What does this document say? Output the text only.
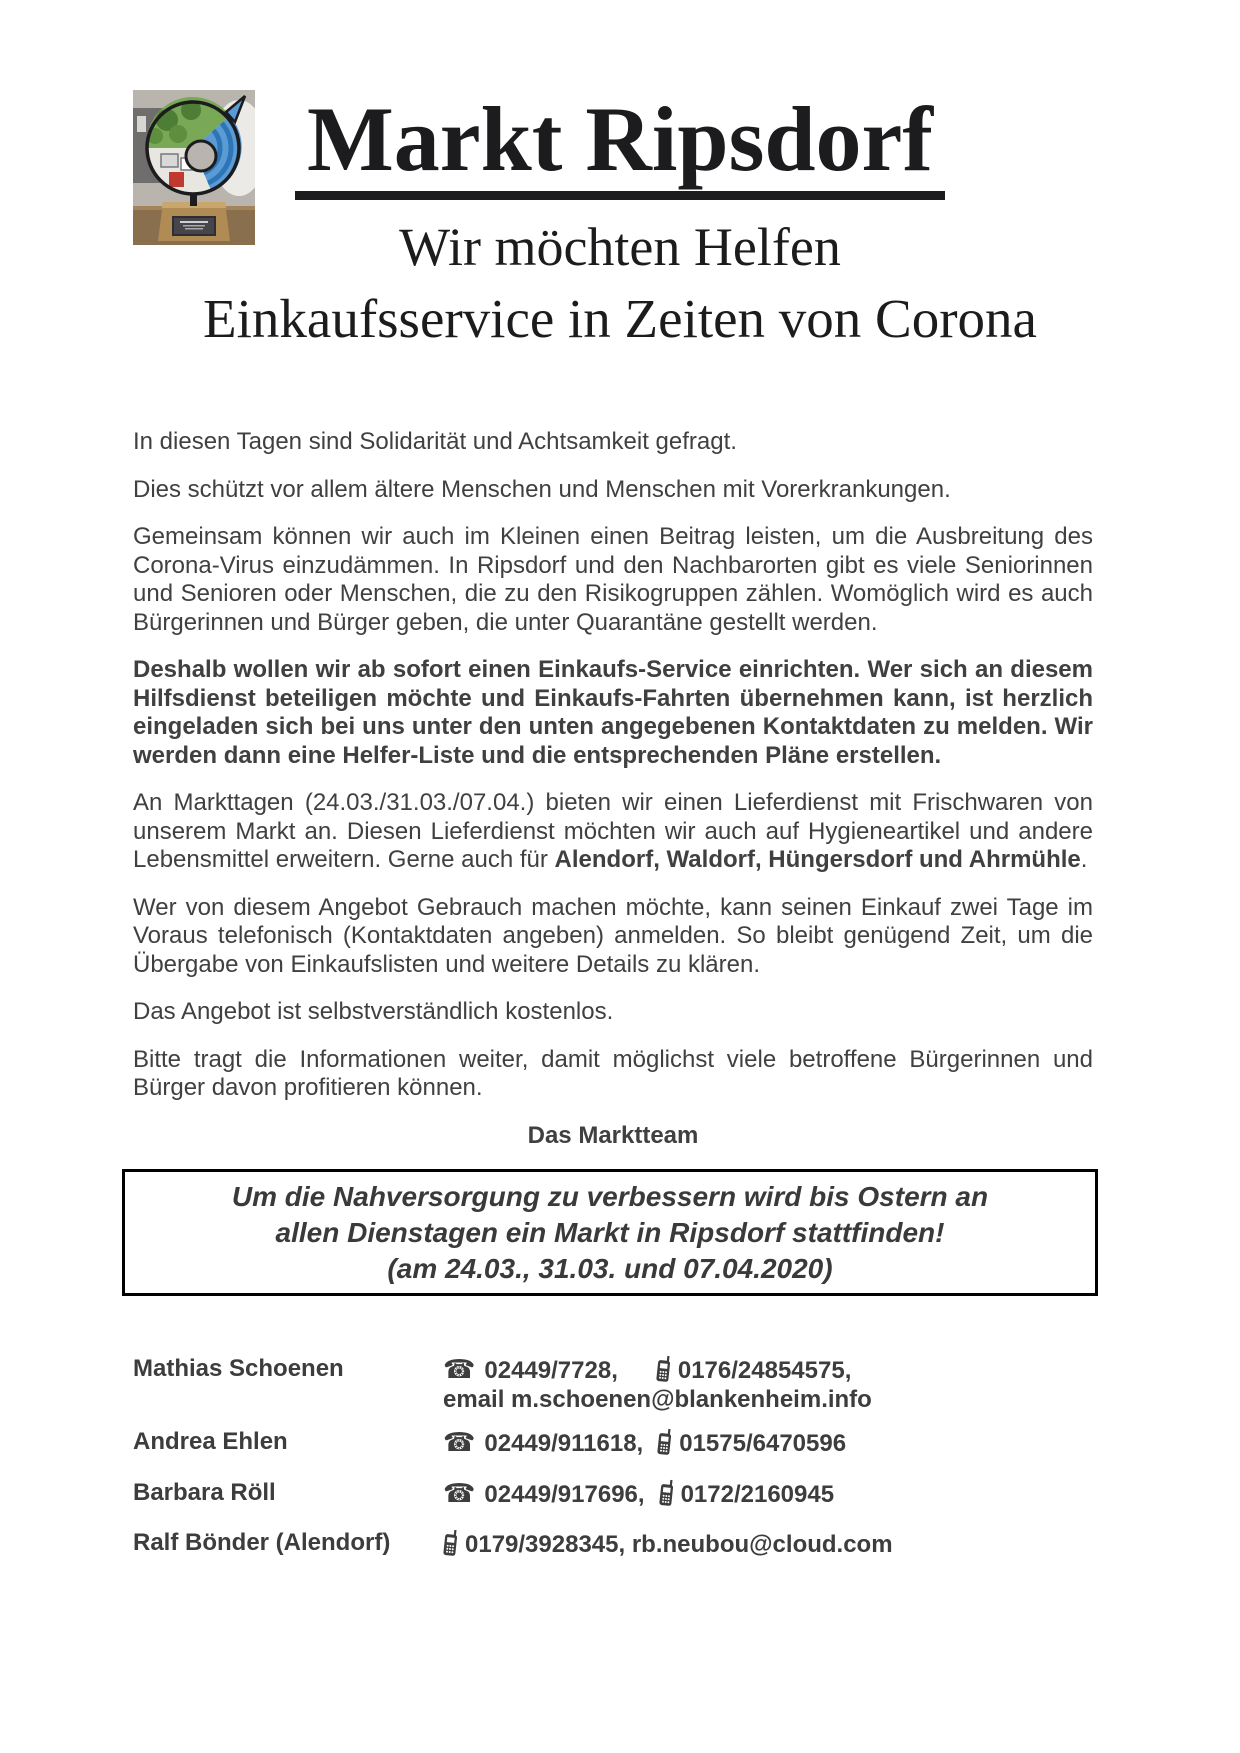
Markt Ripsdorf
Wir möchten Helfen
Einkaufsservice in Zeiten von Corona

In diesen Tagen sind Solidarität und Achtsamkeit gefragt.

Dies schützt vor allem ältere Menschen und Menschen mit Vorerkrankungen.

Gemeinsam können wir auch im Kleinen einen Beitrag leisten, um die Ausbreitung des Corona-Virus einzudämmen. In Ripsdorf und den Nachbarorten gibt es viele Seniorinnen und Senioren oder Menschen, die zu den Risikogruppen zählen. Womöglich wird es auch Bürgerinnen und Bürger geben, die unter Quarantäne gestellt werden.

Deshalb wollen wir ab sofort einen Einkaufs-Service einrichten. Wer sich an diesem Hilfsdienst beteiligen möchte und Einkaufs-Fahrten übernehmen kann, ist herzlich eingeladen sich bei uns unter den unten angegebenen Kontaktdaten zu melden. Wir werden dann eine Helfer-Liste und die entsprechenden Pläne erstellen.

An Markttagen (24.03./31.03./07.04.) bieten wir einen Lieferdienst mit Frischwaren von unserem Markt an. Diesen Lieferdienst möchten wir auch auf Hygieneartikel und andere Lebensmittel erweitern. Gerne auch für Alendorf, Waldorf, Hüngersdorf und Ahrmühle.

Wer von diesem Angebot Gebrauch machen möchte, kann seinen Einkauf zwei Tage im Voraus telefonisch (Kontaktdaten angeben) anmelden. So bleibt genügend Zeit, um die Übergabe von Einkaufslisten und weitere Details zu klären.

Das Angebot ist selbstverständlich kostenlos.

Bitte tragt die Informationen weiter, damit möglichst viele betroffene Bürgerinnen und Bürger davon profitieren können.

Das Marktteam

Um die Nahversorgung zu verbessern wird bis Ostern an
allen Dienstagen ein Markt in Ripsdorf stattfinden!
(am 24.03., 31.03. und 07.04.2020)
Mathias Schoenen	☎ 02449/7728,	0176/24854575,
email m.schoenen@blankenheim.info
Andrea Ehlen	☎ 02449/911618, 01575/6470596
Barbara Röll	☎ 02449/917696, 0172/2160945
Ralf Bönder (Alendorf)	0179/3928345, rb.neubou@cloud.com
